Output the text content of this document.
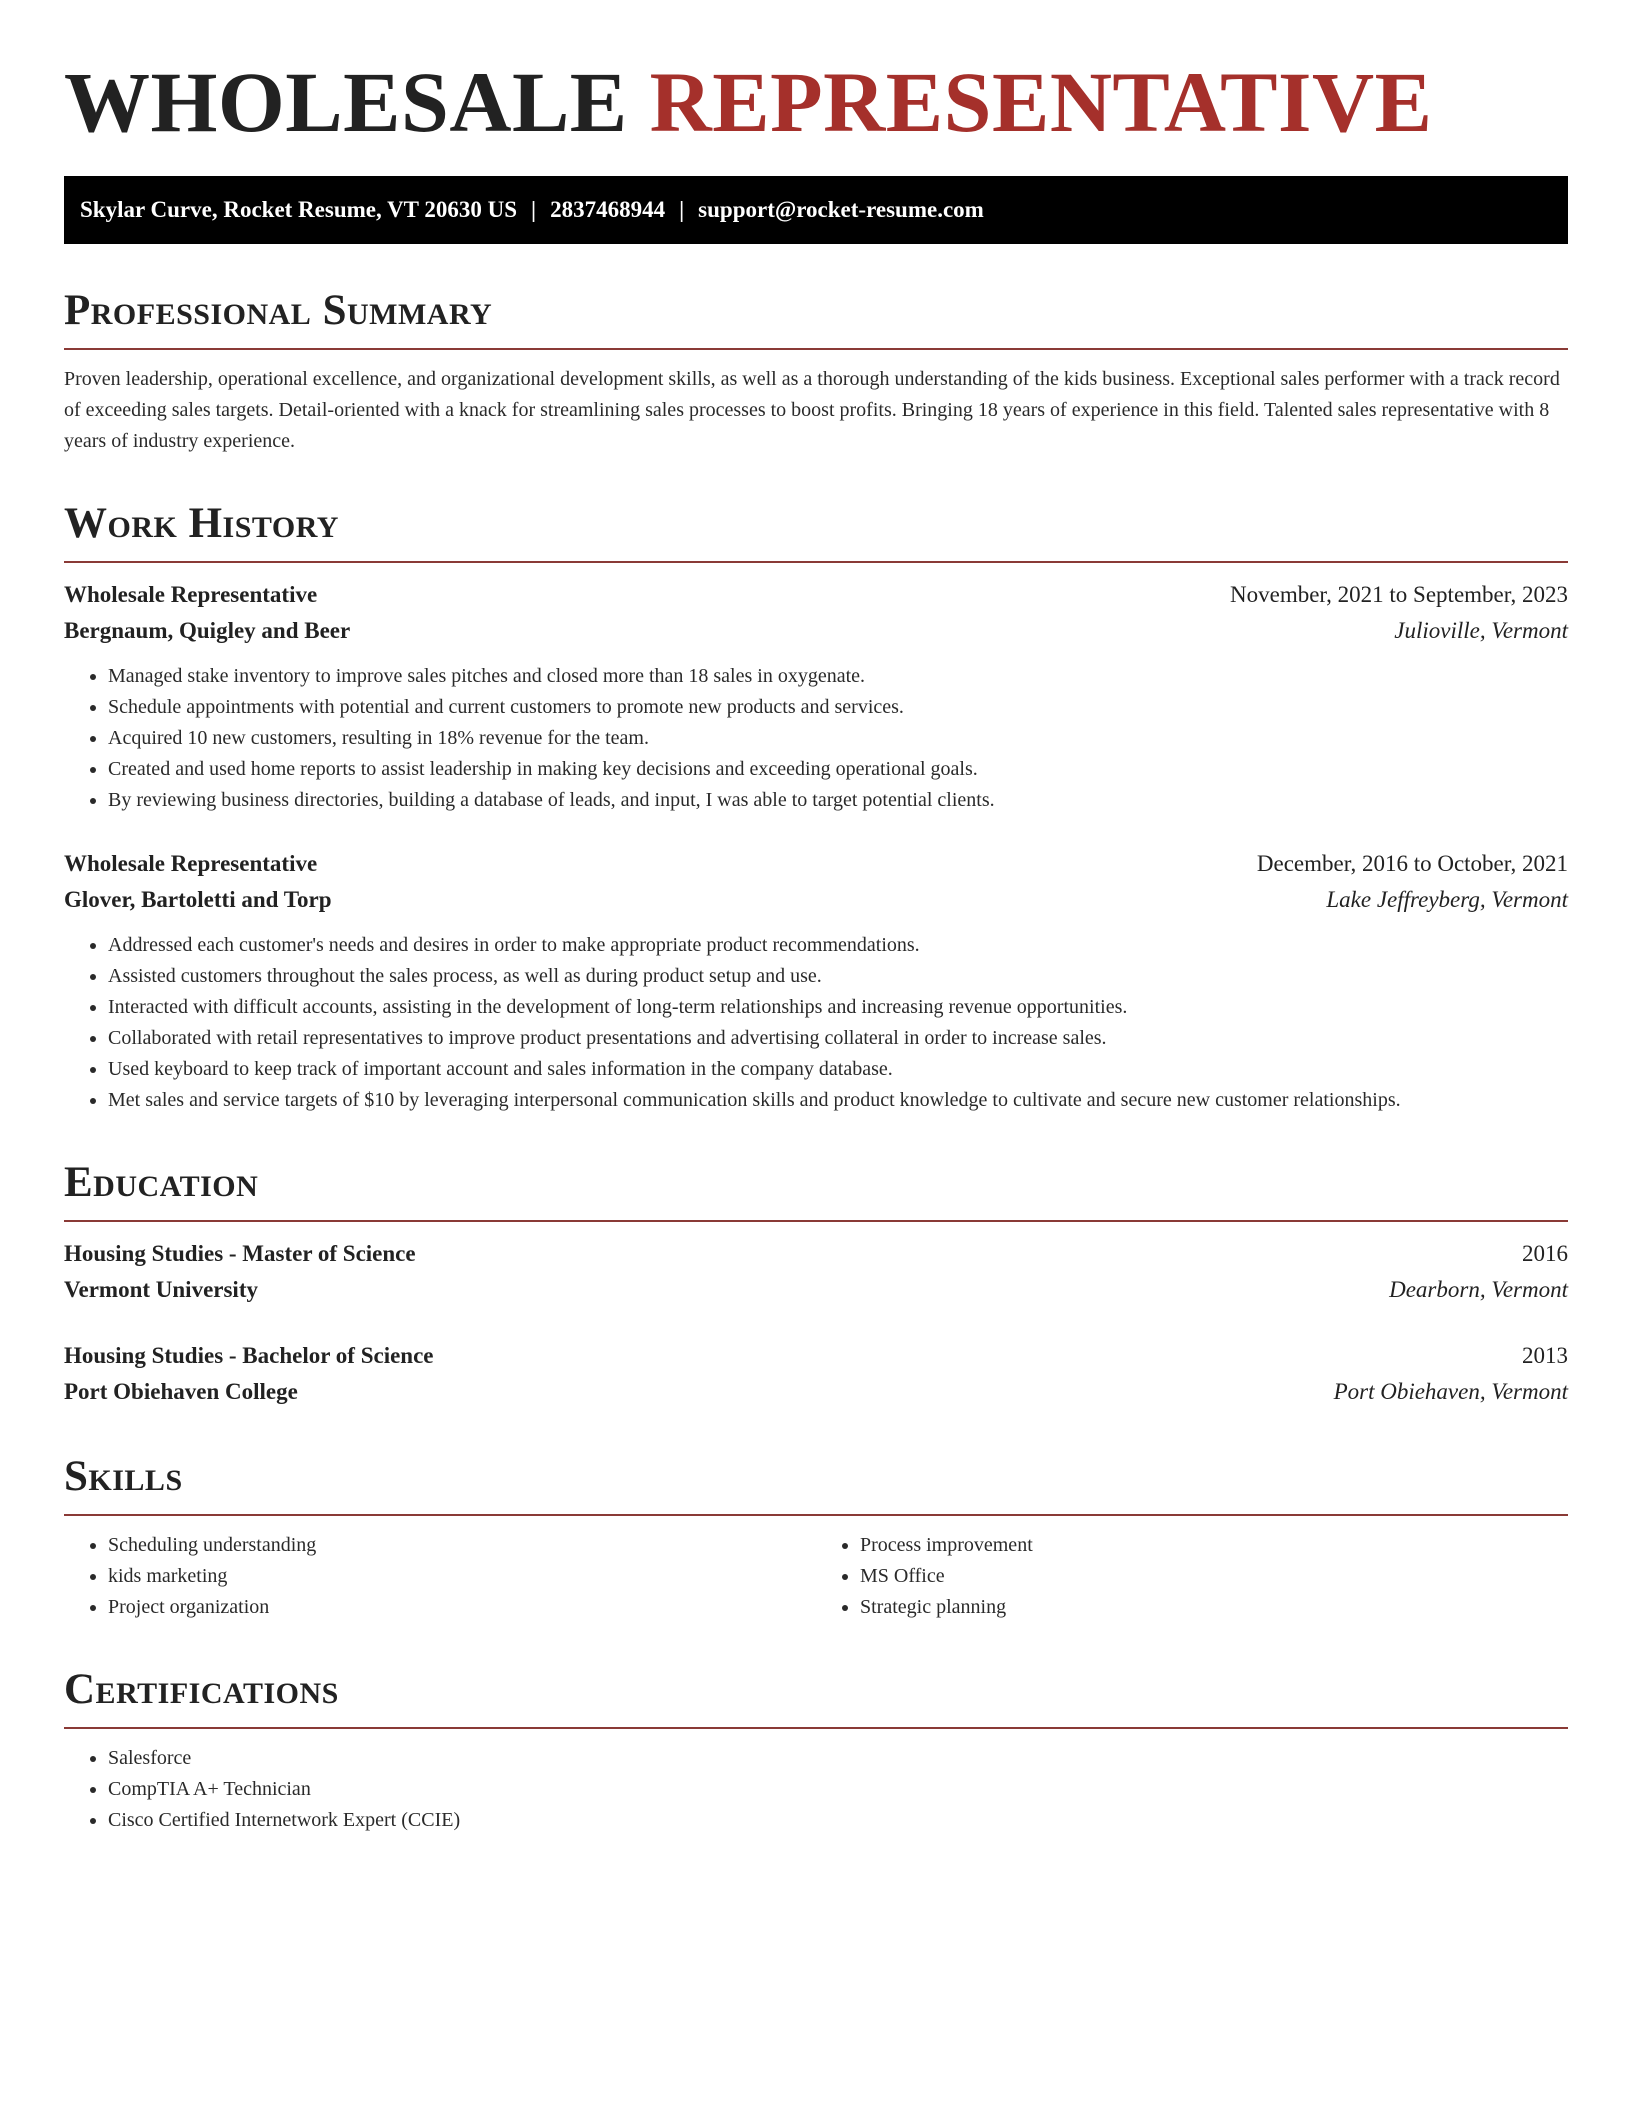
WHOLESALE REPRESENTATIVE
Skylar Curve, Rocket Resume, VT 20630 US | 2837468944 | support@rocket-resume.com
Professional Summary

Proven leadership, operational excellence, and organizational development skills, as well as a thorough understanding of the kids business. Exceptional sales performer with a track record of exceeding sales targets. Detail-oriented with a knack for streamlining sales processes to boost profits. Bringing 18 years of experience in this field. Talented sales representative with 8 years of industry experience.

Work History
Wholesale Representative	November, 2021 to September, 2023
Bergnaum, Quigley and Beer	Julioville, Vermont
• Managed stake inventory to improve sales pitches and closed more than 18 sales in oxygenate.
• Schedule appointments with potential and current customers to promote new products and services.
• Acquired 10 new customers, resulting in 18% revenue for the team.
• Created and used home reports to assist leadership in making key decisions and exceeding operational goals.
• By reviewing business directories, building a database of leads, and input, I was able to target potential clients.
Wholesale Representative	December, 2016 to October, 2021
Glover, Bartoletti and Torp	Lake Jeffreyberg, Vermont
• Addressed each customer's needs and desires in order to make appropriate product recommendations.
• Assisted customers throughout the sales process, as well as during product setup and use.
• Interacted with difficult accounts, assisting in the development of long-term relationships and increasing revenue opportunities.
• Collaborated with retail representatives to improve product presentations and advertising collateral in order to increase sales.
• Used keyboard to keep track of important account and sales information in the company database.
• Met sales and service targets of $10 by leveraging interpersonal communication skills and product knowledge to cultivate and secure new customer relationships.
Education
Housing Studies - Master of Science	2016
Vermont University	Dearborn, Vermont
Housing Studies - Bachelor of Science	2013
Port Obiehaven College	Port Obiehaven, Vermont
Skills
• Scheduling understanding
• kids marketing
• Project organization
• Process improvement
• MS Office
• Strategic planning
Certifications
• Salesforce
• CompTIA A+ Technician
• Cisco Certified Internetwork Expert (CCIE)
